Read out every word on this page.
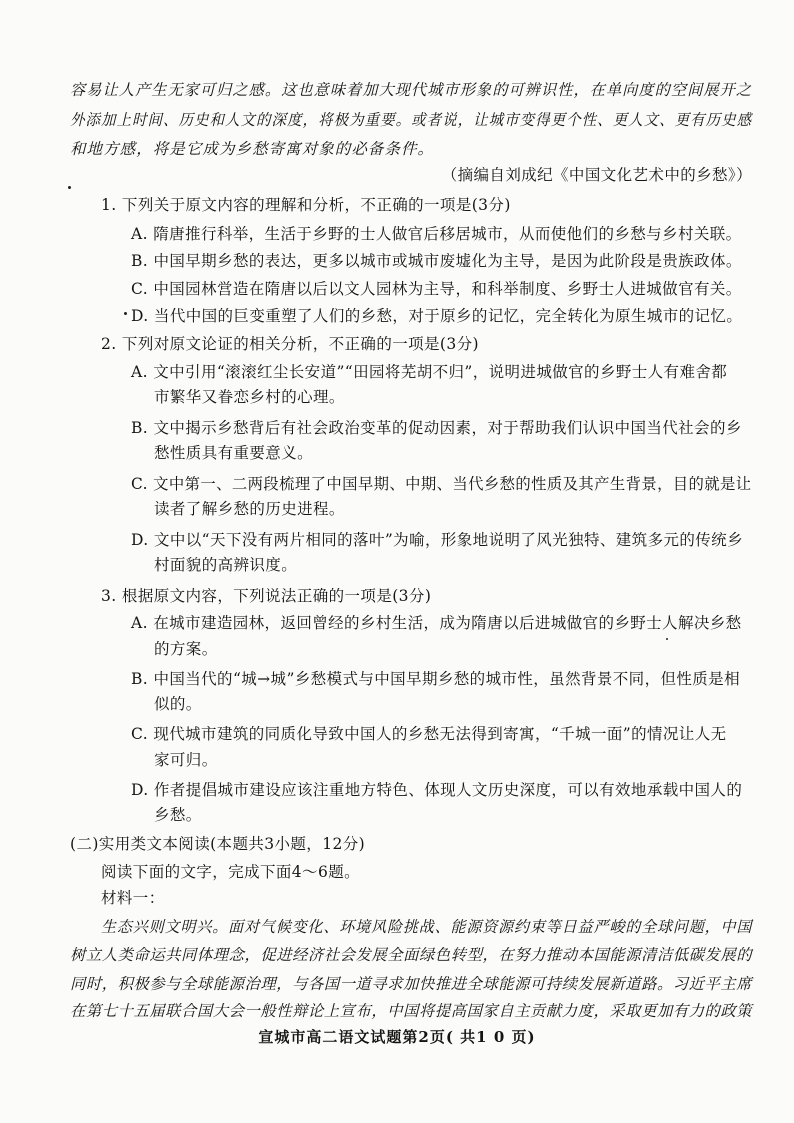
容易让人产生无家可归之感。这也意味着加大现代城市形象的可辨识性，在单向度的空间展开之
外添加上时间、历史和人文的深度，将极为重要。或者说，让城市变得更个性、更人文、更有历史感
和地方感，将是它成为乡愁寄寓对象的必备条件。
（摘编自刘成纪《中国文化艺术中的乡愁》）
1. 下列关于原文内容的理解和分析，不正确的一项是(3分)
A. 隋唐推行科举，生活于乡野的士人做官后移居城市，从而使他们的乡愁与乡村关联。
B. 中国早期乡愁的表达，更多以城市或城市废墟化为主导，是因为此阶段是贵族政体。
C. 中国园林営造在隋唐以后以文人园林为主导，和科举制度、乡野士人进城做官有关。
D. 当代中国的巨变重塑了人们的乡愁，对于原乡的记忆，完全转化为原生城市的记忆。
2. 下列对原文论证的相关分析，不正确的一项是(3分)
A. 文中引用“滚滚红尘长安道”“田园将芜胡不归”，说明进城做官的乡野士人有难舍都
市繁华又眷恋乡村的心理。
B. 文中揭示乡愁背后有社会政治变革的促动因素，对于帮助我们认识中国当代社会的乡
愁性质具有重要意义。
C. 文中第一、二两段梳理了中国早期、中期、当代乡愁的性质及其产生背景，目的就是让
读者了解乡愁的历史进程。
D. 文中以“天下没有两片相同的落叶”为喻，形象地说明了风光独特、建筑多元的传统乡
村面貌的高辨识度。
3. 根据原文内容，下列说法正确的一项是(3分)
A. 在城市建造园林，返回曾经的乡村生活，成为隋唐以后进城做官的乡野士人解决乡愁
的方案。
B. 中国当代的“城→城”乡愁模式与中国早期乡愁的城市性，虽然背景不同，但性质是相
似的。
C. 现代城市建筑的同质化导致中国人的乡愁无法得到寄寓，“千城一面”的情况让人无
家可归。
D. 作者提倡城市建设应该注重地方特色、体现人文历史深度，可以有效地承载中国人的
乡愁。
(二)实用类文本阅读(本题共3小题，12分)
阅读下面的文字，完成下面4～6题。
材料一：
生态兴则文明兴。面对气候变化、环境风险挑战、能源资源约束等日益严峻的全球问题，中国
树立人类命运共同体理念，促进经济社会发展全面绿色转型，在努力推动本国能源清洁低碳发展的
同时，积极参与全球能源治理，与各国一道寻求加快推进全球能源可持续发展新道路。习近平主席
在第七十五届联合国大会一般性辩论上宣布，中国将提高国家自主贡献力度，采取更加有力的政策
宣城市高二语文试题第2页( 共1 0 页)
